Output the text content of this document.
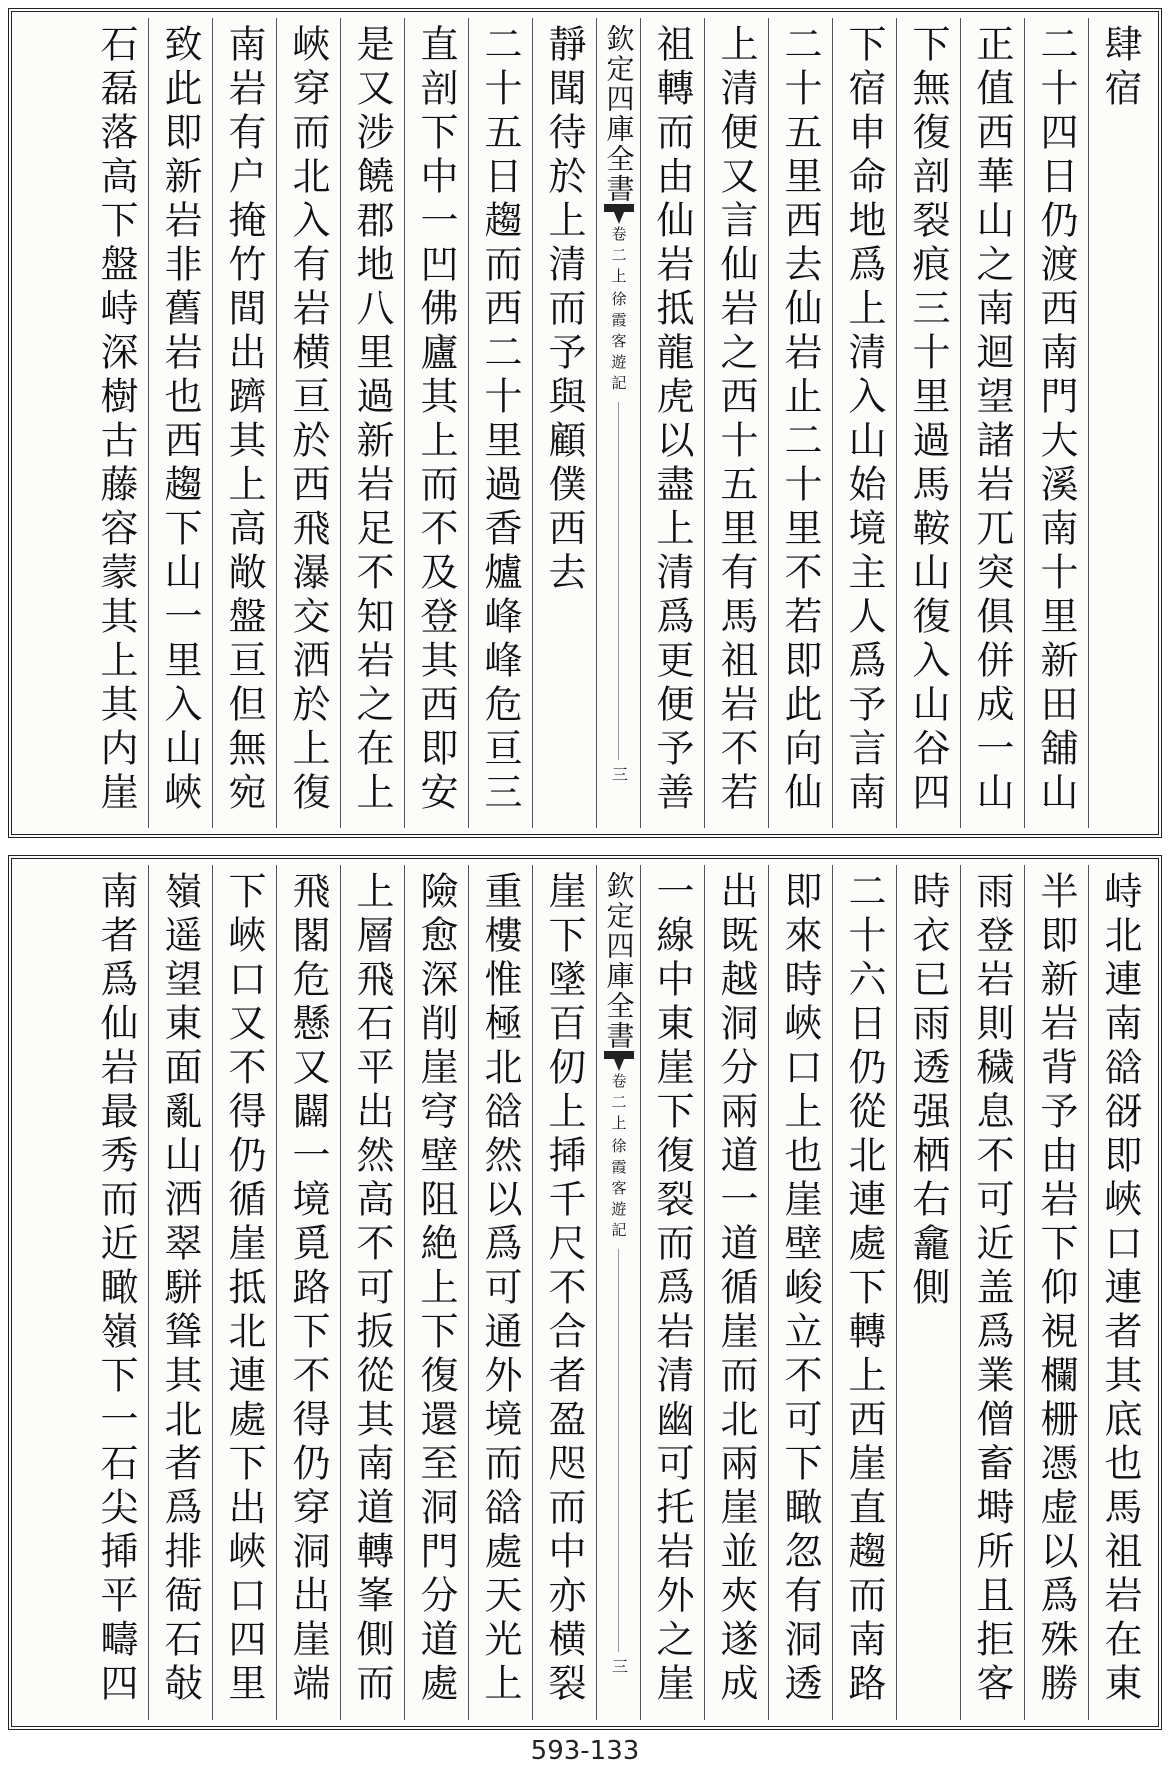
肆宿
二十四日仍渡西南門大溪南十里新田舖山
正值西華山之南迴望諸岩兀突俱併成一山
下無復剖裂痕三十里過馬鞍山復入山谷四
下宿申命地爲上清入山始境主人爲予言南
二十五里西去仙岩止二十里不若即此向仙
上清便又言仙岩之西十五里有馬祖岩不若
祖轉而由仙岩抵龍虎以盡上清爲更便予善
欽定四庫全書
徐霞客遊記
卷二上
三
靜聞待於上清而予與顧僕西去
二十五日趨而西二十里過香爐峰峰危亘三
直剖下中一凹佛廬其上而不及登其西即安
是又涉饒郡地八里過新岩足不知岩之在上
峽穿而北入有岩横亘於西飛瀑交洒於上復
南岩有户掩竹間出躋其上高敞盤亘但無宛
致此即新岩非舊岩也西趨下山一里入山峽
石磊落高下盤峙深樹古藤容蒙其上其内崖
峙北連南谽谺即峽口連者其底也馬祖岩在東
半即新岩背予由岩下仰視欄栅憑虚以爲殊勝
雨登岩則穢息不可近盖爲業僧畜塒所且拒客
時衣已雨透强栖右龕側
二十六日仍從北連處下轉上西崖直趨而南路
即來時峽口上也崖壁峻立不可下瞰忽有洞透
出既越洞分兩道一道循崖而北兩崖並夾遂成
一線中東崖下復裂而爲岩清幽可托岩外之崖
欽定四庫全書
徐霞客遊記
卷二上
三
崖下墜百仞上揷千尺不合者盈咫而中亦横裂
重樓惟極北谽然以爲可通外境而谽處天光上
險愈深削崖穹壁阻絶上下復還至洞門分道處
上層飛石平出然高不可扳從其南道轉峯側而
飛閣危懸又闢一境覓路下不得仍穿洞出崖端
下峽口又不得仍循崖抵北連處下出峽口四里
嶺遥望東面亂山洒翠駢聳其北者爲排衙石敧
南者爲仙岩最秀而近瞰嶺下一石尖揷平疇四
593-133
